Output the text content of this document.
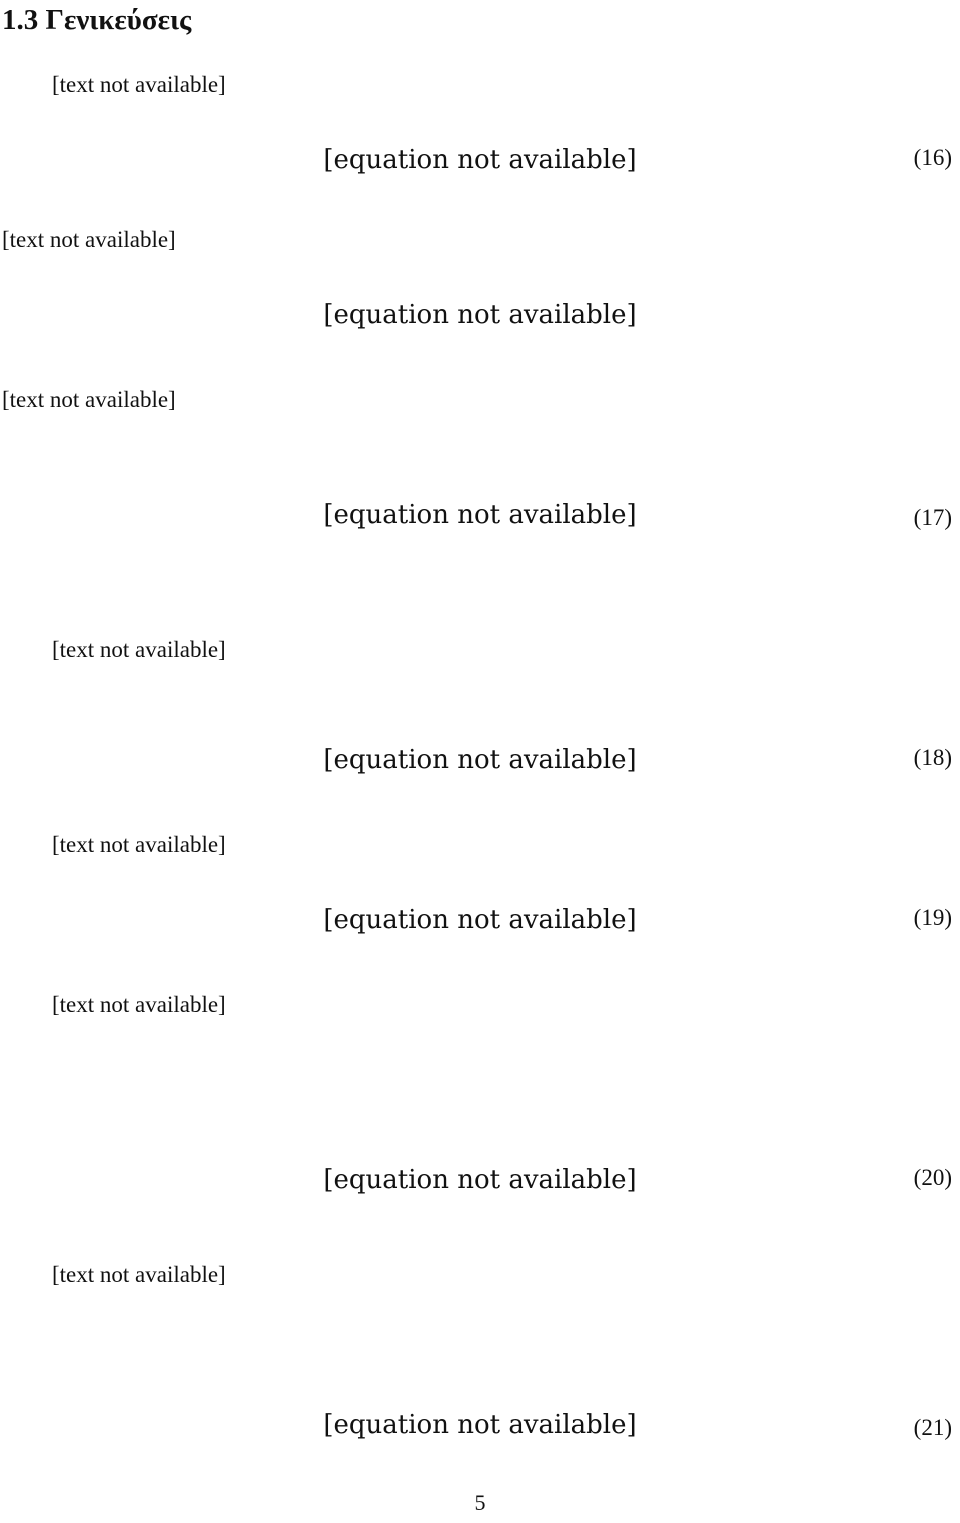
1.3 Γενικεύσεις
[text not available]
[equation not available]	(16)
[text not available]
[equation not available]
[text not available]
[equation not available]	(17)
[text not available]
[equation not available]	(18)
[text not available]
[equation not available]	(19)
[text not available]
[equation not available]	(20)
[text not available]
[equation not available]	(21)
5
